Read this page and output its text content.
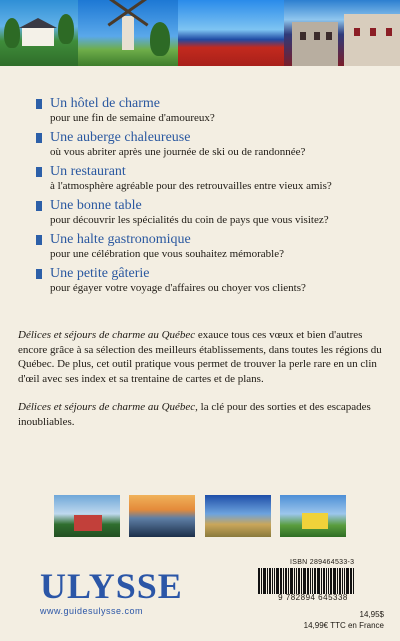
Un hôtel de charme
pour une fin de semaine d'amoureux?
Une auberge chaleureuse
où vous abriter après une journée de ski ou de randonnée?
Un restaurant
à l'atmosphère agréable pour des retrouvailles entre vieux amis?
Une bonne table
pour découvrir les spécialités du coin de pays que vous visitez?
Une halte gastronomique
pour une célébration que vous souhaitez mémorable?
Une petite gâterie
pour égayer votre voyage d'affaires ou choyer vos clients?

Délices et séjours de charme au Québec exauce tous ces vœux et bien d'autres encore grâce à sa sélection des meilleurs établissements, dans toutes les régions du Québec. De plus, cet outil pratique vous permet de trouver la perle rare en un clin d'œil avec ses index et sa trentaine de cartes et de plans.

Délices et séjours de charme au Québec, la clé pour des sorties et des escapades inoubliables.

ISBN 289464533-3
9 782894 645338
14,95$
14,99€ TTC en France
ULYSSE
www.guidesulysse.com
